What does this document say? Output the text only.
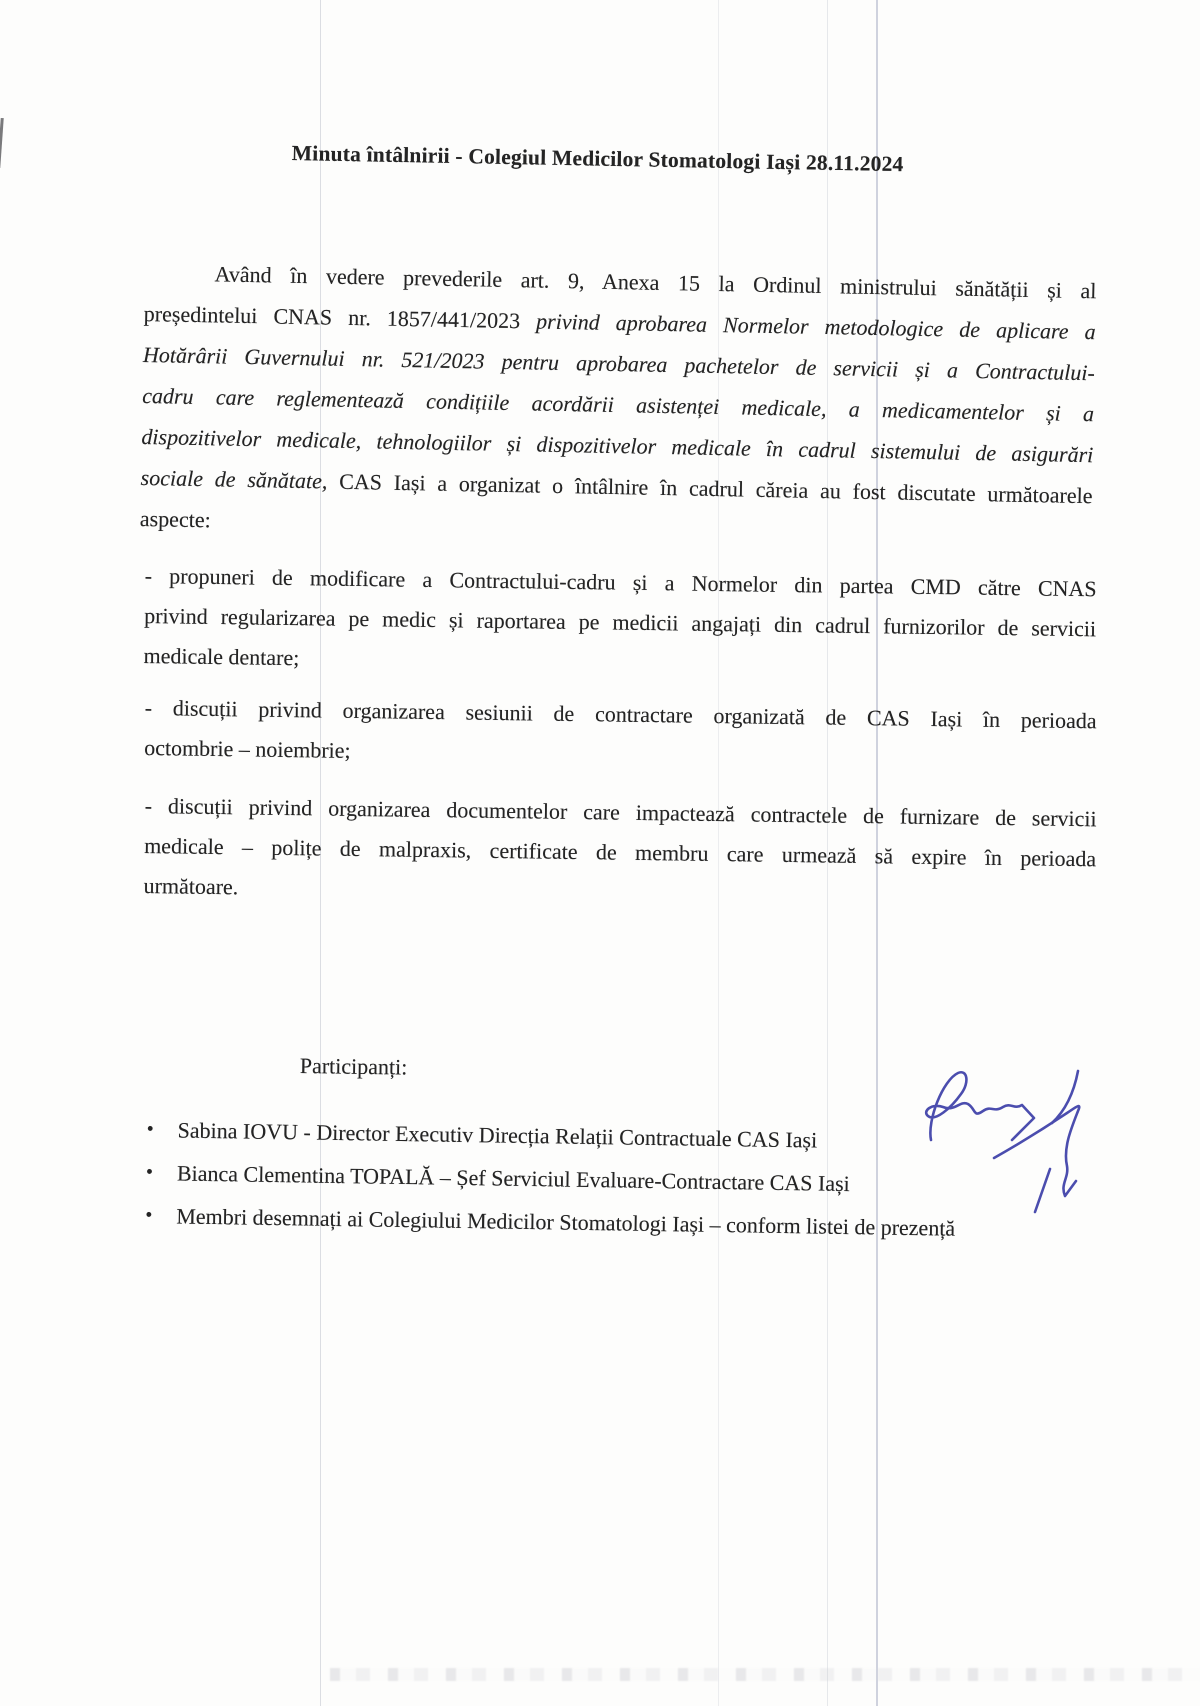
Minuta întâlnirii - Colegiul Medicilor Stomatologi Iași 28.11.2024
Având în vedere prevederile art. 9, Anexa 15 la Ordinul ministrului sănătății și al
președintelui CNAS nr. 1857/441/2023 privind aprobarea Normelor metodologice de aplicare a
Hotărârii Guvernului nr. 521/2023 pentru aprobarea pachetelor de servicii și a Contractului-
cadru care reglementează condițiile acordării asistenței medicale, a medicamentelor și a
dispozitivelor medicale, tehnologiilor și dispozitivelor medicale în cadrul sistemului de asigurări
sociale de sănătate, CAS Iași a organizat o întâlnire în cadrul căreia au fost discutate următoarele
aspecte:
- propuneri de modificare a Contractului-cadru și a Normelor din partea CMD către CNAS
privind regularizarea pe medic și raportarea pe medicii angajați din cadrul furnizorilor de servicii
medicale dentare;
- discuții privind organizarea sesiunii de contractare organizată de CAS Iași în perioada
octombrie – noiembrie;
- discuții privind organizarea documentelor care impactează contractele de furnizare de servicii
medicale – polițe de malpraxis, certificate de membru care urmează să expire în perioada
următoare.
Participanți:
• Sabina IOVU - Director Executiv Direcția Relații Contractuale CAS Iași
• Bianca Clementina TOPALĂ – Șef Serviciul Evaluare-Contractare CAS Iași
• Membri desemnați ai Colegiului Medicilor Stomatologi Iași – conform listei de prezență
